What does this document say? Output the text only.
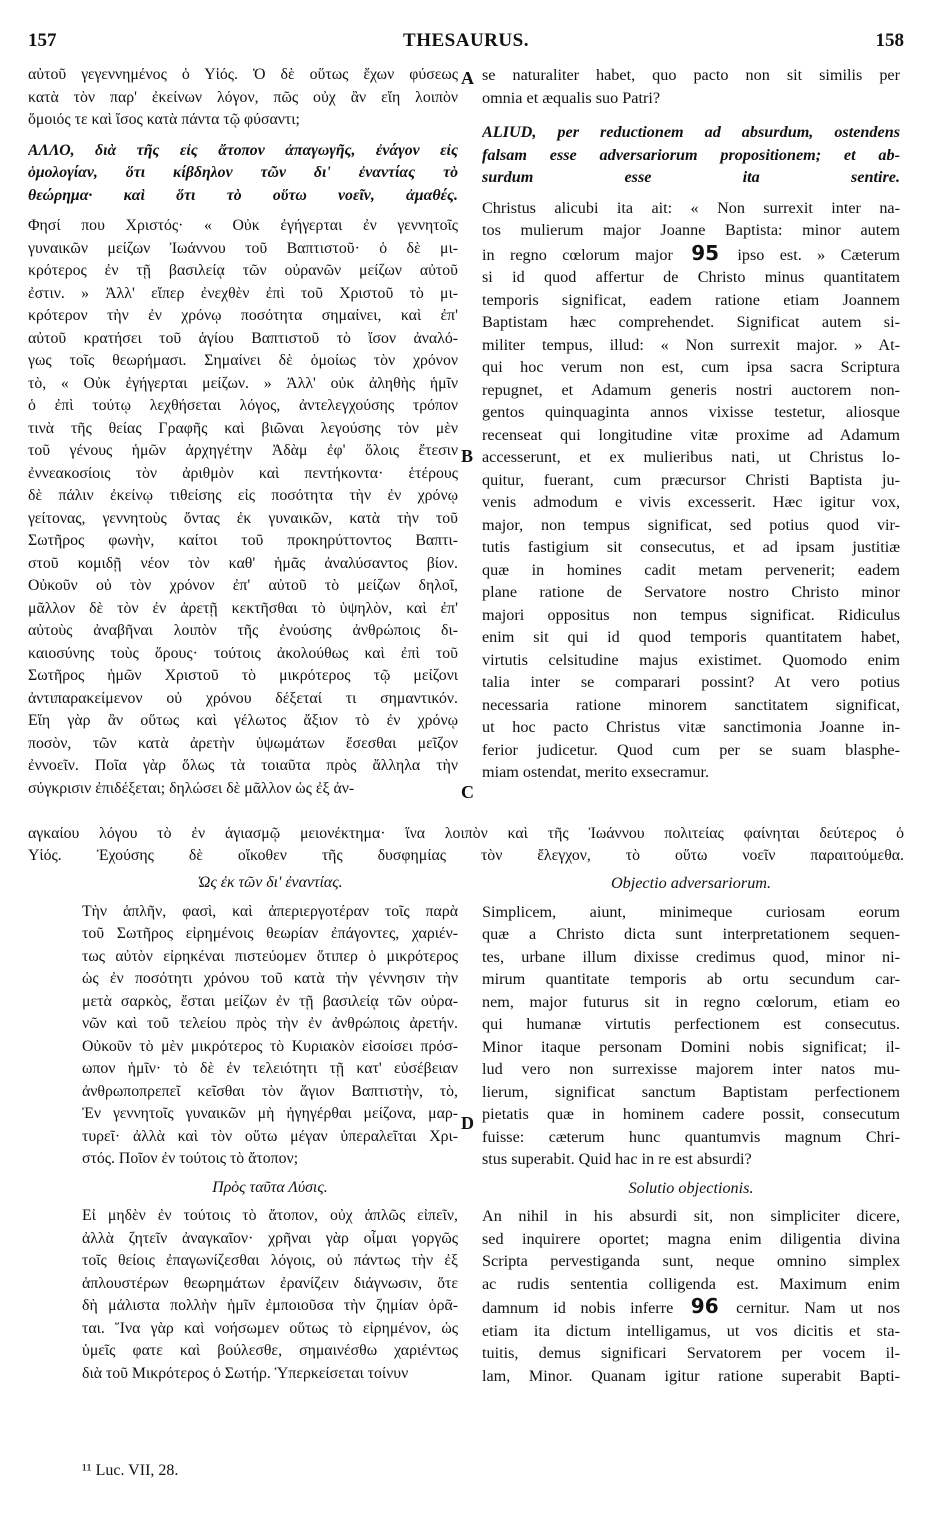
157	THESAURUS.	158
αὐτοῦ γεγεννημένος ὁ Υἱός. Ὁ δὲ οὕτως ἔχων φύσεως
κατὰ τὸν παρ' ἐκείνων λόγον, πῶς οὐχ ἂν εἴη λοιπὸν
ὅμοιός τε καὶ ἴσος κατὰ πάντα τῷ φύσαντι;
ΑΛΛΟ, διὰ τῆς εἰς ἄτοπον ἀπαγωγῆς, ἐνάγον εἰς
ὁμολογίαν, ὅτι κίβδηλον τῶν δι' ἐναντίας τὸ
θεώρημα· καὶ ὅτι τὸ οὕτω νοεῖν, ἀμαθές.
Φησί που Χριστός· « Οὐκ ἐγήγερται ἐν γεννητοῖς
γυναικῶν μείζων Ἰωάννου τοῦ Βαπτιστοῦ· ὁ δὲ μι-
κρότερος ἐν τῇ βασιλείᾳ τῶν οὐρανῶν μείζων αὐτοῦ
ἐστιν. » Ἀλλ' εἴπερ ἐνεχθὲν ἐπὶ τοῦ Χριστοῦ τὸ μι-
κρότερον τὴν ἐν χρόνῳ ποσότητα σημαίνει, καὶ ἐπ'
αὐτοῦ κρατήσει τοῦ ἁγίου Βαπτιστοῦ τὸ ἴσον ἀναλό-
γως τοῖς θεωρήμασι. Σημαίνει δὲ ὁμοίως τὸν χρόνον
τὸ, « Οὐκ ἐγήγερται μείζων. » Ἀλλ' οὐκ ἀληθὴς ἡμῖν
ὁ ἐπὶ τούτῳ λεχθήσεται λόγος, ἀντελεγχούσης τρόπον
τινὰ τῆς θείας Γραφῆς καὶ βιῶναι λεγούσης τὸν μὲν
τοῦ γένους ἡμῶν ἀρχηγέτην Ἀδὰμ ἐφ' ὅλοις ἔτεσιν
ἐννεακοσίοις τὸν ἀριθμὸν καὶ πεντήκοντα· ἑτέρους
δὲ πάλιν ἐκείνῳ τιθείσης εἰς ποσότητα τὴν ἐν χρόνῳ
γείτονας, γεννητοὺς ὄντας ἐκ γυναικῶν, κατὰ τὴν τοῦ
Σωτῆρος φωνὴν, καίτοι τοῦ προκηρύττοντος Βαπτι-
στοῦ κομιδῇ νέον τὸν καθ' ἡμᾶς ἀναλύσαντος βίον.
Οὐκοῦν οὐ τὸν χρόνον ἐπ' αὐτοῦ τὸ μείζων δηλοῖ,
μᾶλλον δὲ τὸν ἐν ἀρετῇ κεκτῆσθαι τὸ ὑψηλὸν, καὶ ἐπ'
αὐτοὺς ἀναβῆναι λοιπὸν τῆς ἐνούσης ἀνθρώποις δι-
καιοσύνης τοὺς ὅρους· τούτοις ἀκολούθως καὶ ἐπὶ τοῦ
Σωτῆρος ἡμῶν Χριστοῦ τὸ μικρότερος τῷ μείζονι
ἀντιπαρακείμενον οὐ χρόνου δέξεταί τι σημαντικόν.
Εἴη γὰρ ἂν οὕτως καὶ γέλωτος ἄξιον τὸ ἐν χρόνῳ
ποσὸν, τῶν κατὰ ἀρετὴν ὑψωμάτων ἔσεσθαι μεῖζον
ἐννοεῖν. Ποῖα γὰρ ὅλως τὰ τοιαῦτα πρὸς ἄλληλα τὴν
σύγκρισιν ἐπιδέξεται; δηλώσει δὲ μᾶλλον ὡς ἐξ ἀν-
se naturaliter habet, quo pacto non sit similis per
omnia et æqualis suo Patri?
ALIUD, per reductionem ad absurdum, ostendens
falsam esse adversariorum propositionem; et ab-
surdum esse ita sentire.
Christus alicubi ita ait: « Non surrexit inter na-
tos mulierum major Joanne Baptista: minor autem
in regno cœlorum major 95 ipso est. » Cæterum
si id quod affertur de Christo minus quantitatem
temporis significat, eadem ratione etiam Joannem
Baptistam hæc comprehendet. Significat autem si-
militer tempus, illud: « Non surrexit major. » At-
qui hoc verum non est, cum ipsa sacra Scriptura
repugnet, et Adamum generis nostri auctorem non-
gentos quinquaginta annos vixisse testetur, aliosque
recenseat qui longitudine vitæ proxime ad Adamum
accesserunt, et ex mulieribus nati, ut Christus lo-
quitur, fuerant, cum præcursor Christi Baptista ju-
venis admodum e vivis excesserit. Hæc igitur vox,
major, non tempus significat, sed potius quod vir-
tutis fastigium sit consecutus, et ad ipsam justitiæ
quæ in homines cadit metam pervenerit; eadem
plane ratione de Servatore nostro Christo minor
majori oppositus non tempus significat. Ridiculus
enim sit qui id quod temporis quantitatem habet,
virtutis celsitudine majus existimet. Quomodo enim
talia inter se comparari possint? At vero potius
necessaria ratione minorem sanctitatem significat,
ut hoc pacto Christus vitæ sanctimonia Joanne in-
ferior judicetur. Quod cum per se suam blasphe-
miam ostendat, merito exsecramur.
A
B
C
D
αγκαίου λόγου τὸ ἐν ἁγιασμῷ μειονέκτημα· ἵνα λοιπὸν καὶ τῆς Ἰωάννου πολιτείας φαίνηται δεύτερος ὁ
Υἱός. Ἐχούσης δὲ οἴκοθεν τῆς δυσφημίας τὸν ἔλεγχον, τὸ οὕτω νοεῖν παραιτούμεθα.
Ὡς ἐκ τῶν δι' ἐναντίας.
Τὴν ἁπλῆν, φασὶ, καὶ ἀπεριεργοτέραν τοῖς παρὰ
τοῦ Σωτῆρος εἰρημένοις θεωρίαν ἐπάγοντες, χαριέν-
τως αὐτὸν εἰρηκέναι πιστεύομεν ὅτιπερ ὁ μικρότερος
ὡς ἐν ποσότητι χρόνου τοῦ κατὰ τὴν γέννησιν τὴν
μετὰ σαρκὸς, ἔσται μείζων ἐν τῇ βασιλείᾳ τῶν οὐρα-
νῶν καὶ τοῦ τελείου πρὸς τὴν ἐν ἀνθρώποις ἀρετήν.
Οὐκοῦν τὸ μὲν μικρότερος τὸ Κυριακὸν εἰσοίσει πρόσ-
ωπον ἡμῖν· τὸ δὲ ἐν τελειότητι τῇ κατ' εὐσέβειαν
ἀνθρωποπρεπεῖ κεῖσθαι τὸν ἅγιον Βαπτιστὴν, τὸ,
Ἐν γεννητοῖς γυναικῶν μὴ ἠγηγέρθαι μείζονα, μαρ-
τυρεῖ· ἀλλὰ καὶ τὸν οὕτω μέγαν ὑπεραλεῖται Χρι-
στός. Ποῖον ἐν τούτοις τὸ ἄτοπον;
Πρὸς ταῦτα Λύσις.
Εἰ μηδὲν ἐν τούτοις τὸ ἄτοπον, οὐχ ἁπλῶς εἰπεῖν,
ἀλλὰ ζητεῖν ἀναγκαῖον· χρῆναι γὰρ οἶμαι γοργῶς
τοῖς θείοις ἐπαγωνίζεσθαι λόγοις, οὐ πάντως τὴν ἐξ
ἁπλουστέρων θεωρημάτων ἐρανίζειν διάγνωσιν, ὅτε
δὴ μάλιστα πολλὴν ἡμῖν ἐμποιοῦσα τὴν ζημίαν ὁρᾶ-
ται. Ἵνα γὰρ καὶ νοήσωμεν οὕτως τὸ εἰρημένον, ὡς
ὑμεῖς φατε καὶ βούλεσθε, σημαινέσθω χαριέντως
διὰ τοῦ Μικρότερος ὁ Σωτήρ. Ὑπερκείσεται τοίνυν
Objectio adversariorum.
Simplicem, aiunt, minimeque curiosam eorum
quæ a Christo dicta sunt interpretationem sequen-
tes, urbane illum dixisse credimus quod, minor ni-
mirum quantitate temporis ab ortu secundum car-
nem, major futurus sit in regno cœlorum, etiam eo
qui humanæ virtutis perfectionem est consecutus.
Minor itaque personam Domini nobis significat; il-
lud vero non surrexisse majorem inter natos mu-
lierum, significat sanctum Baptistam perfectionem
pietatis quæ in hominem cadere possit, consecutum
fuisse: cæterum hunc quantumvis magnum Chri-
stus superabit. Quid hac in re est absurdi?
Solutio objectionis.
An nihil in his absurdi sit, non simpliciter dicere,
sed inquirere oportet; magna enim diligentia divina
Scripta pervestiganda sunt, neque omnino simplex
ac rudis sententia colligenda est. Maximum enim
damnum id nobis inferre 96 cernitur. Nam ut nos
etiam ita dictum intelligamus, ut vos dicitis et sta-
tuitis, demus significari Servatorem per vocem il-
lam, Minor. Quanam igitur ratione superabit Bapti-
¹¹ Luc. VII, 28.
